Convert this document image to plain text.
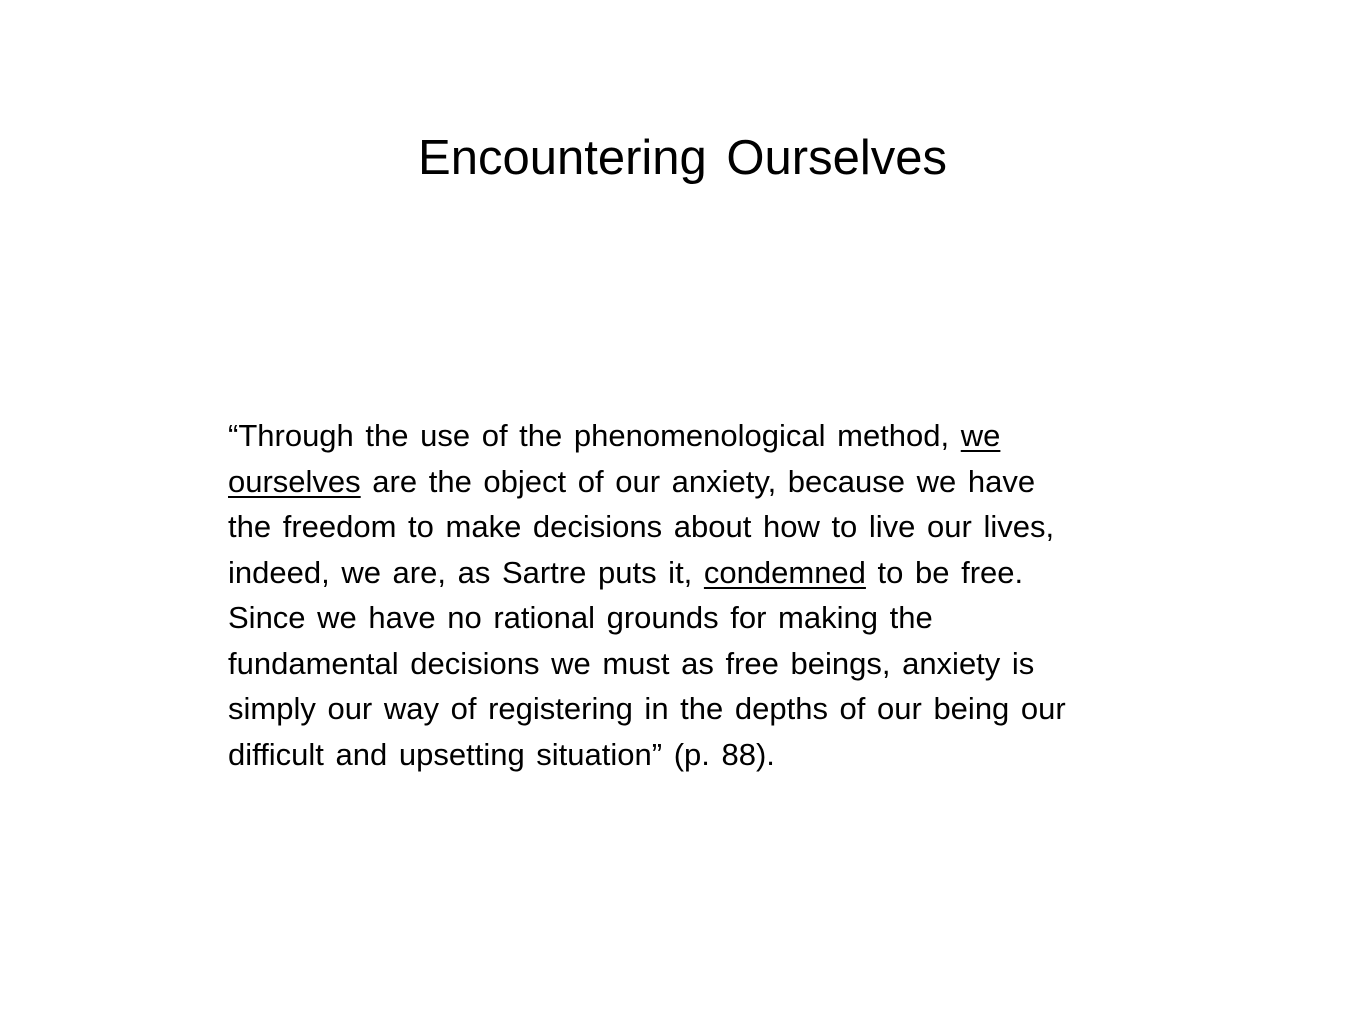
Encountering Ourselves

“Through the use of the phenomenological method, we
ourselves are the object of our anxiety, because we have
the freedom to make decisions about how to live our lives,
indeed, we are, as Sartre puts it, condemned to be free.
Since we have no rational grounds for making the
fundamental decisions we must as free beings, anxiety is
simply our way of registering in the depths of our being our
difficult and upsetting situation” (p. 88).
